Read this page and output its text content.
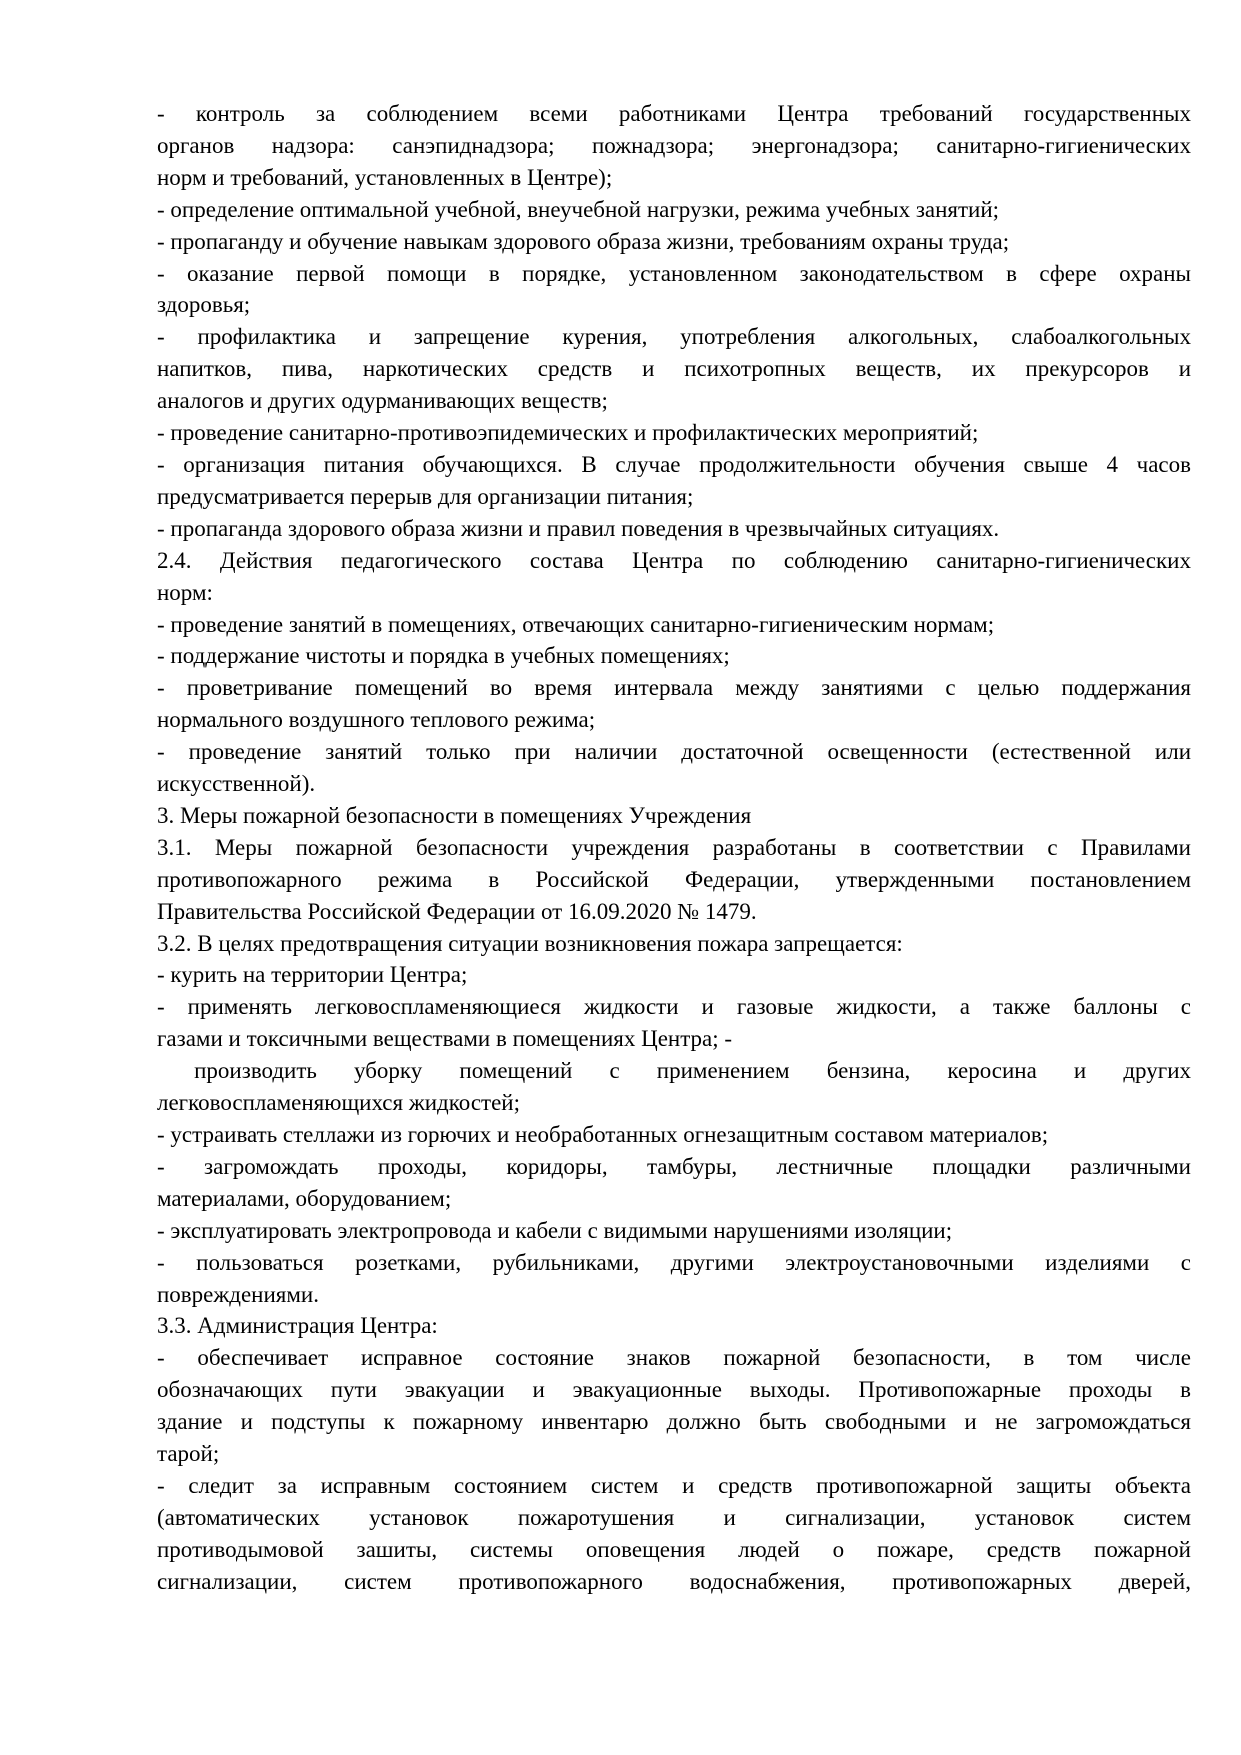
- контроль за соблюдением всеми работниками Центра требований государственных
органов надзора: санэпиднадзора; пожнадзора; энергонадзора; санитарно-гигиенических
норм и требований, установленных в Центре);

- определение оптимальной учебной, внеучебной нагрузки, режима учебных занятий;

- пропаганду и обучение навыкам здорового образа жизни, требованиям охраны труда;

- оказание первой помощи в порядке, установленном законодательством в сфере охраны
здоровья;

- профилактика и запрещение курения, употребления алкогольных, слабоалкогольных
напитков, пива, наркотических средств и психотропных веществ, их прекурсоров и
аналогов и других одурманивающих веществ;

- проведение санитарно-противоэпидемических и профилактических мероприятий;

- организация питания обучающихся. В случае продолжительности обучения свыше 4 часов
предусматривается перерыв для организации питания;

- пропаганда здорового образа жизни и правил поведения в чрезвычайных ситуациях.

2.4. Действия педагогического состава Центра по соблюдению санитарно-гигиенических
норм:

- проведение занятий в помещениях, отвечающих санитарно-гигиеническим нормам;

- поддержание чистоты и порядка в учебных помещениях;

- проветривание помещений во время интервала между занятиями с целью поддержания
нормального воздушного теплового режима;

- проведение занятий только при наличии достаточной освещенности (естественной или
искусственной).

3. Меры пожарной безопасности в помещениях Учреждения

3.1. Меры пожарной безопасности учреждения разработаны в соответствии с Правилами
противопожарного режима в Российской Федерации, утвержденными постановлением
Правительства Российской Федерации от 16.09.2020 № 1479.

3.2. В целях предотвращения ситуации возникновения пожара запрещается:

- курить на территории Центра;

- применять легковоспламеняющиеся жидкости и газовые жидкости, а также баллоны с
газами и токсичными веществами в помещениях Центра; -

производить уборку помещений с применением бензина, керосина и других
легковоспламеняющихся жидкостей;

- устраивать стеллажи из горючих и необработанных огнезащитным составом материалов;

- загромождать проходы, коридоры, тамбуры, лестничные площадки различными
материалами, оборудованием;

- эксплуатировать электропровода и кабели с видимыми нарушениями изоляции;

- пользоваться розетками, рубильниками, другими электроустановочными изделиями с
повреждениями.

3.3. Администрация Центра:

- обеспечивает исправное состояние знаков пожарной безопасности, в том числе
обозначающих пути эвакуации и эвакуационные выходы. Противопожарные проходы в
здание и подступы к пожарному инвентарю должно быть свободными и не загромождаться
тарой;

- следит за исправным состоянием систем и средств противопожарной защиты объекта
(автоматических установок пожаротушения и сигнализации, установок систем
противодымовой зашиты, системы оповещения людей о пожаре, средств пожарной
сигнализации, систем противопожарного водоснабжения, противопожарных дверей,
